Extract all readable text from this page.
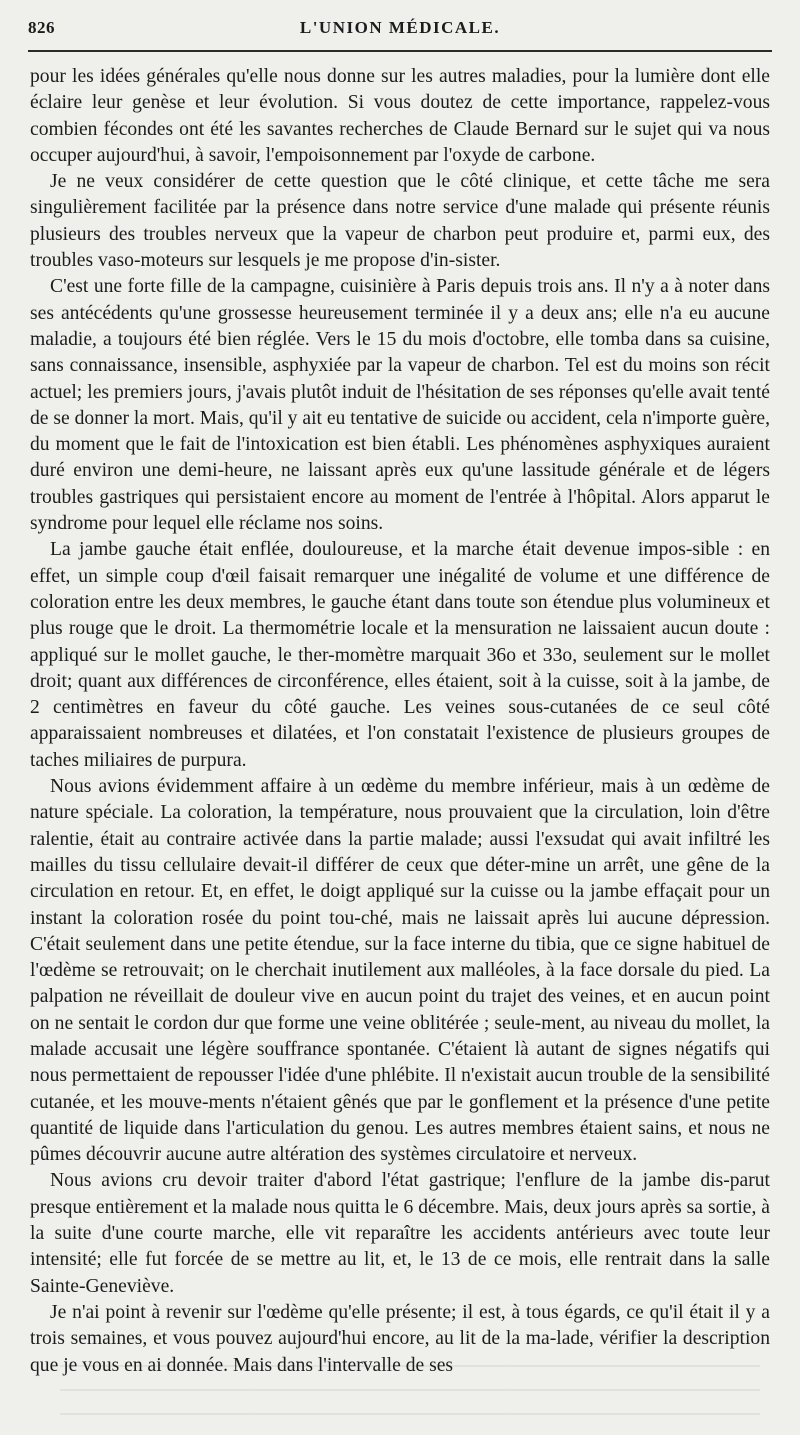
826	L'UNION MÉDICALE.

pour les idées générales qu'elle nous donne sur les autres maladies, pour la lumière dont elle éclaire leur genèse et leur évolution. Si vous doutez de cette importance, rappelez-vous combien fécondes ont été les savantes recherches de Claude Bernard sur le sujet qui va nous occuper aujourd'hui, à savoir, l'empoisonnement par l'oxyde de carbone.

Je ne veux considérer de cette question que le côté clinique, et cette tâche me sera singulièrement facilitée par la présence dans notre service d'une malade qui présente réunis plusieurs des troubles nerveux que la vapeur de charbon peut produire et, parmi eux, des troubles vaso-moteurs sur lesquels je me propose d'in-sister.

C'est une forte fille de la campagne, cuisinière à Paris depuis trois ans. Il n'y a à noter dans ses antécédents qu'une grossesse heureusement terminée il y a deux ans; elle n'a eu aucune maladie, a toujours été bien réglée. Vers le 15 du mois d'octobre, elle tomba dans sa cuisine, sans connaissance, insensible, asphyxiée par la vapeur de charbon. Tel est du moins son récit actuel; les premiers jours, j'avais plutôt induit de l'hésitation de ses réponses qu'elle avait tenté de se donner la mort. Mais, qu'il y ait eu tentative de suicide ou accident, cela n'importe guère, du moment que le fait de l'intoxication est bien établi. Les phénomènes asphyxiques auraient duré environ une demi-heure, ne laissant après eux qu'une lassitude générale et de légers troubles gastriques qui persistaient encore au moment de l'entrée à l'hôpital. Alors apparut le syndrome pour lequel elle réclame nos soins.

La jambe gauche était enflée, douloureuse, et la marche était devenue impos-sible : en effet, un simple coup d'œil faisait remarquer une inégalité de volume et une différence de coloration entre les deux membres, le gauche étant dans toute son étendue plus volumineux et plus rouge que le droit. La thermométrie locale et la mensuration ne laissaient aucun doute : appliqué sur le mollet gauche, le ther-momètre marquait 36o et 33o, seulement sur le mollet droit; quant aux différences de circonférence, elles étaient, soit à la cuisse, soit à la jambe, de 2 centimètres en faveur du côté gauche. Les veines sous-cutanées de ce seul côté apparaissaient nombreuses et dilatées, et l'on constatait l'existence de plusieurs groupes de taches miliaires de purpura.

Nous avions évidemment affaire à un œdème du membre inférieur, mais à un œdème de nature spéciale. La coloration, la température, nous prouvaient que la circulation, loin d'être ralentie, était au contraire activée dans la partie malade; aussi l'exsudat qui avait infiltré les mailles du tissu cellulaire devait-il différer de ceux que déter-mine un arrêt, une gêne de la circulation en retour. Et, en effet, le doigt appliqué sur la cuisse ou la jambe effaçait pour un instant la coloration rosée du point tou-ché, mais ne laissait après lui aucune dépression. C'était seulement dans une petite étendue, sur la face interne du tibia, que ce signe habituel de l'œdème se retrouvait; on le cherchait inutilement aux malléoles, à la face dorsale du pied. La palpation ne réveillait de douleur vive en aucun point du trajet des veines, et en aucun point on ne sentait le cordon dur que forme une veine oblitérée ; seule-ment, au niveau du mollet, la malade accusait une légère souffrance spontanée. C'étaient là autant de signes négatifs qui nous permettaient de repousser l'idée d'une phlébite. Il n'existait aucun trouble de la sensibilité cutanée, et les mouve-ments n'étaient gênés que par le gonflement et la présence d'une petite quantité de liquide dans l'articulation du genou. Les autres membres étaient sains, et nous ne pûmes découvrir aucune autre altération des systèmes circulatoire et nerveux.

Nous avions cru devoir traiter d'abord l'état gastrique; l'enflure de la jambe dis-parut presque entièrement et la malade nous quitta le 6 décembre. Mais, deux jours après sa sortie, à la suite d'une courte marche, elle vit reparaître les accidents antérieurs avec toute leur intensité; elle fut forcée de se mettre au lit, et, le 13 de ce mois, elle rentrait dans la salle Sainte-Geneviève.

Je n'ai point à revenir sur l'œdème qu'elle présente; il est, à tous égards, ce qu'il était il y a trois semaines, et vous pouvez aujourd'hui encore, au lit de la ma-lade, vérifier la description que je vous en ai donnée. Mais dans l'intervalle de ses
